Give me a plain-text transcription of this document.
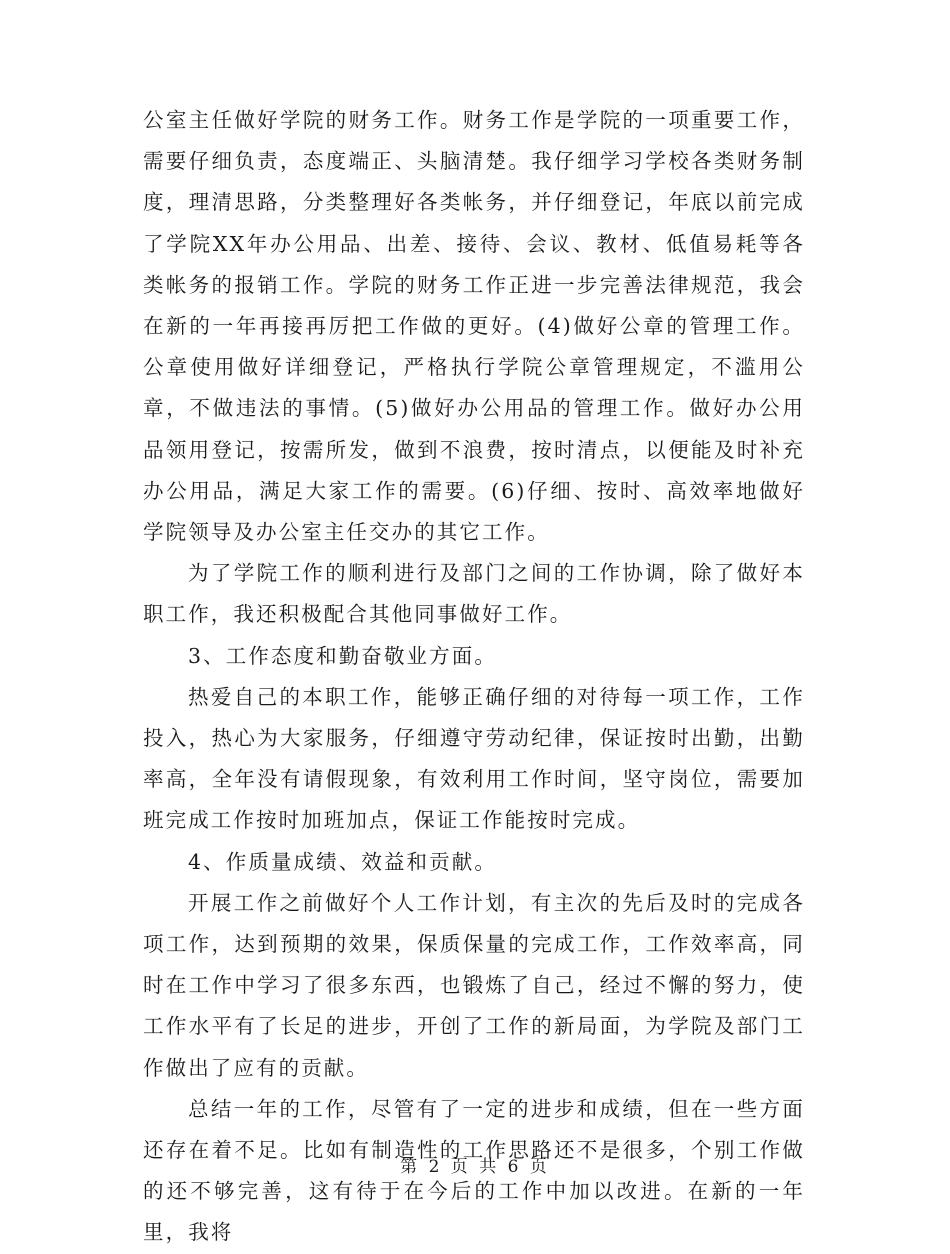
公室主任做好学院的财务工作。财务工作是学院的一项重要工作，需要仔细负责，态度端正、头脑清楚。我仔细学习学校各类财务制度，理清思路，分类整理好各类帐务，并仔细登记，年底以前完成了学院XX年办公用品、出差、接待、会议、教材、低值易耗等各类帐务的报销工作。学院的财务工作正进一步完善法律规范，我会在新的一年再接再厉把工作做的更好。(4)做好公章的管理工作。公章使用做好详细登记，严格执行学院公章管理规定，不滥用公章，不做违法的事情。(5)做好办公用品的管理工作。做好办公用品领用登记，按需所发，做到不浪费，按时清点，以便能及时补充办公用品，满足大家工作的需要。(6)仔细、按时、高效率地做好学院领导及办公室主任交办的其它工作。

为了学院工作的顺利进行及部门之间的工作协调，除了做好本职工作，我还积极配合其他同事做好工作。

3、工作态度和勤奋敬业方面。

热爱自己的本职工作，能够正确仔细的对待每一项工作，工作投入，热心为大家服务，仔细遵守劳动纪律，保证按时出勤，出勤率高，全年没有请假现象，有效利用工作时间，坚守岗位，需要加班完成工作按时加班加点，保证工作能按时完成。

4、作质量成绩、效益和贡献。

开展工作之前做好个人工作计划，有主次的先后及时的完成各项工作，达到预期的效果，保质保量的完成工作，工作效率高，同时在工作中学习了很多东西，也锻炼了自己，经过不懈的努力，使工作水平有了长足的进步，开创了工作的新局面，为学院及部门工作做出了应有的贡献。

总结一年的工作，尽管有了一定的进步和成绩，但在一些方面还存在着不足。比如有制造性的工作思路还不是很多，个别工作做的还不够完善，这有待于在今后的工作中加以改进。在新的一年里，我将

第 2 页 共 6 页
